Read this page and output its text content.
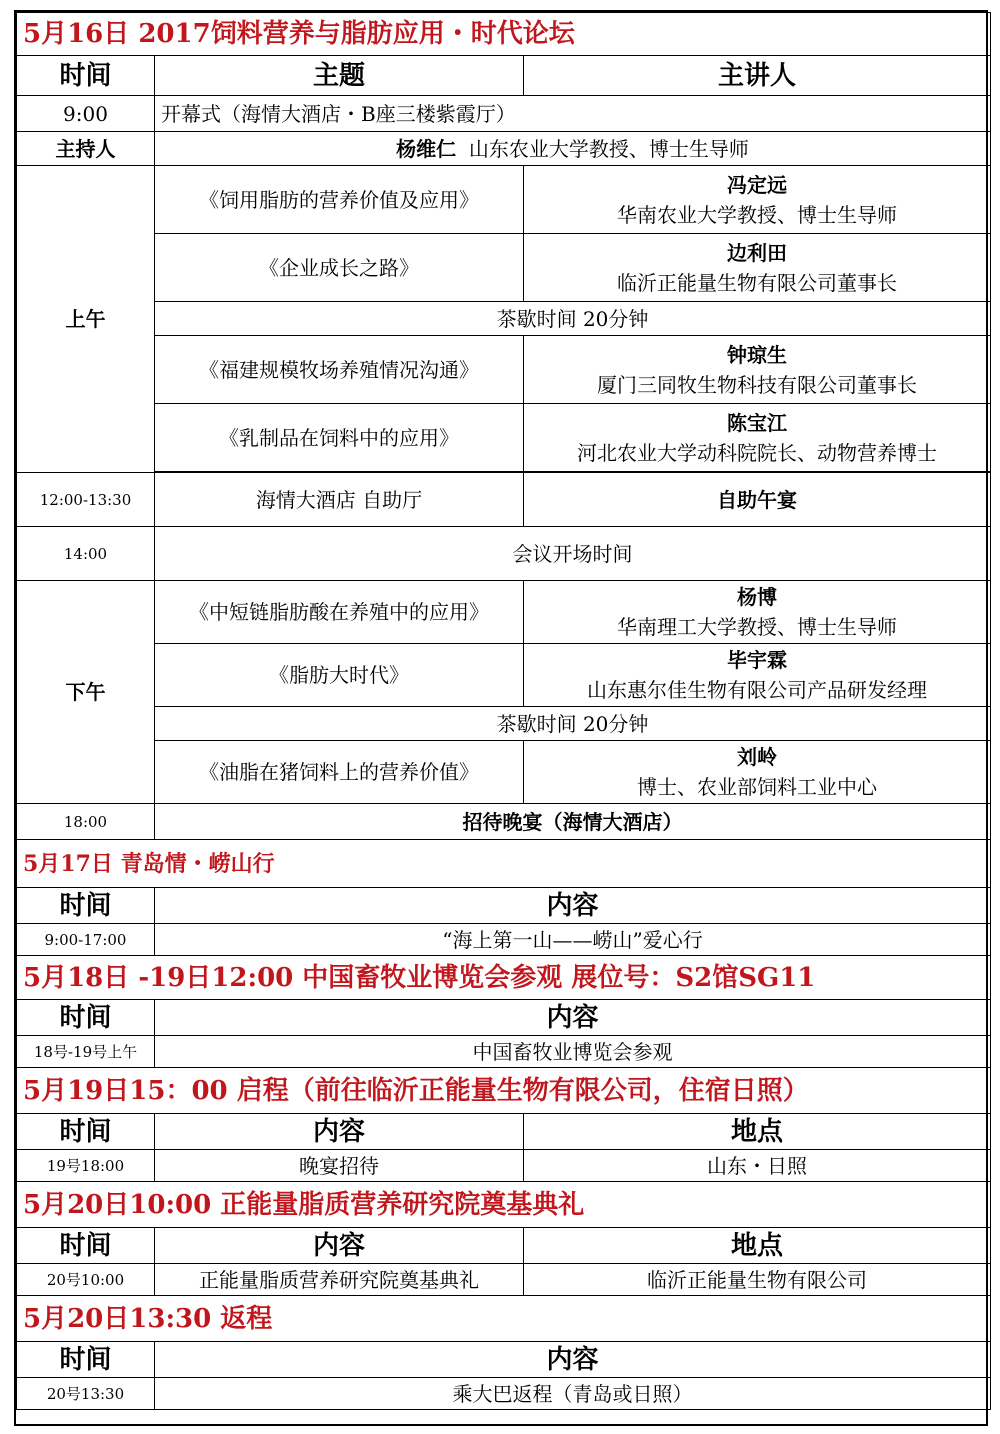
5月16日 2017饲料营养与脂肪应用・时代论坛		
时间	主题	主讲人
9:00	开幕式（海情大酒店・B座三楼紫霞厅）	
主持人	杨维仁 山东农业大学教授、博士生导师	
上午	《饲用脂肪的营养价值及应用》	冯定远
华南农业大学教授、博士生导师

	《企业成长之路》	边利田
临沂正能量生物有限公司董事长

	茶歇时间 20分钟	
	《福建规模牧场养殖情况沟通》	钟琼生
厦门三同牧生物科技有限公司董事长

	《乳制品在饲料中的应用》	陈宝江
河北农业大学动科院院长、动物营养博士

12:00-13:30	海情大酒店 自助厅	自助午宴
14:00	会议开场时间	
下午	《中短链脂肪酸在养殖中的应用》	杨博
华南理工大学教授、博士生导师

	《脂肪大时代》	毕宇霖
山东惠尔佳生物有限公司产品研发经理

	茶歇时间 20分钟	
	《油脂在猪饲料上的营养价值》	刘岭
博士、农业部饲料工业中心

18:00	招待晚宴（海情大酒店）	
5月17日 青岛情・崂山行		
时间	内容	
9:00-17:00	“海上第一山——崂山”爱心行	
5月18日 -19日12:00 中国畜牧业博览会参观 展位号：S2馆SG11		
时间	内容	
18号-19号上午	中国畜牧业博览会参观	
5月19日15：00 启程（前往临沂正能量生物有限公司，住宿日照）		
时间	内容	地点
19号18:00	晚宴招待	山东・日照
5月20日10:00 正能量脂质营养研究院奠基典礼		
时间	内容	地点
20号10:00	正能量脂质营养研究院奠基典礼	临沂正能量生物有限公司
5月20日13:30 返程		
时间	内容	
20号13:30	乘大巴返程（青岛或日照）	
